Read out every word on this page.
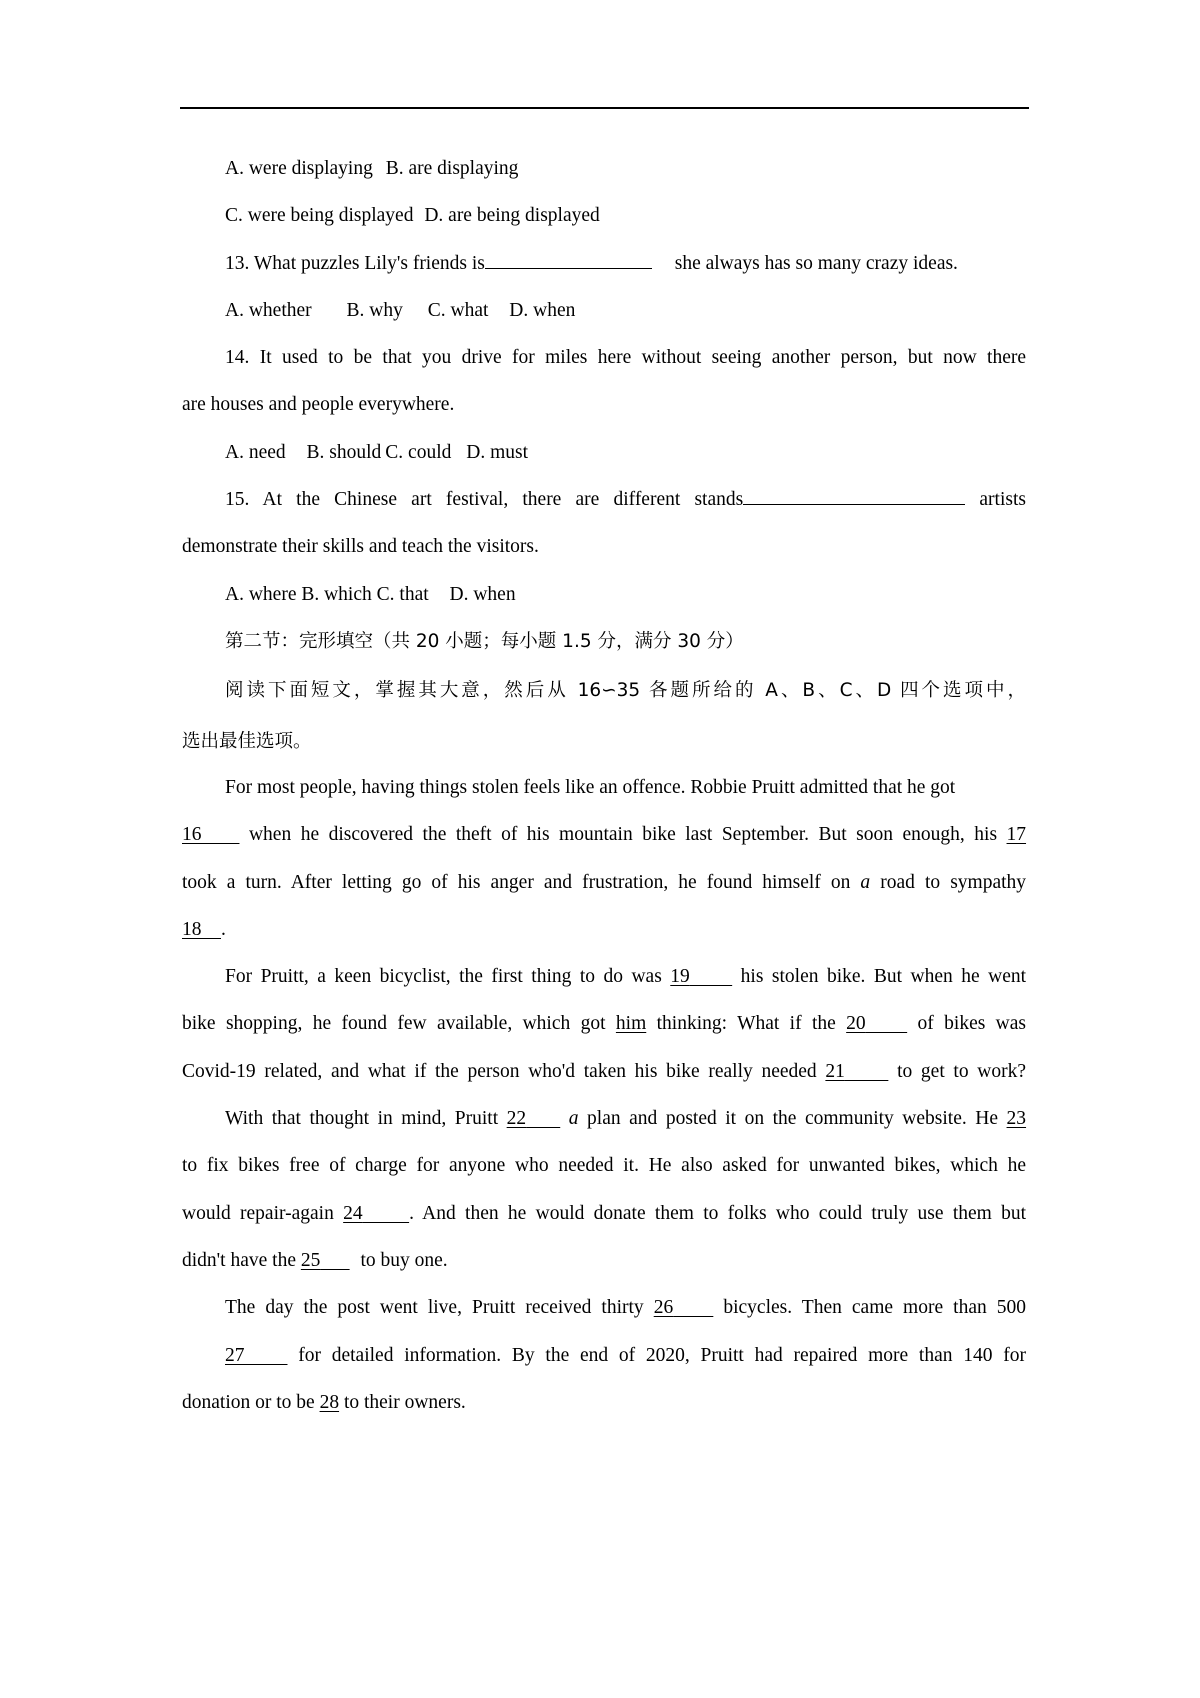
A. were displaying B. are displaying
C. were being displayed D. are being displayed
13. What puzzles Lily's friends is	she always has so many crazy ideas.
A. whether B. why C. what D. when
14. It used to be that you drive for miles here without seeing another person, but now there
are houses and people everywhere.
A. need B. should C. could D. must
15. At the Chinese art festival, there are different stands	artists
demonstrate their skills and teach the visitors.
A. where B. which C. that D. when
第二节：完形填空（共 20 小题；每小题 1.5 分，满分 30 分）
阅读下面短文，掌握其大意，然后从 16∽35 各题所给的 A、B、C、D 四个选项中，
选出最佳选项。
For most people, having things stolen feels like an offence. Robbie Pruitt admitted that he got
16 when he discovered the theft of his mountain bike last September. But soon enough, his 17
took a turn. After letting go of his anger and frustration, he found himself on a road to sympathy
18 .
For Pruitt, a keen bicyclist, the first thing to do was 19	his stolen bike. But when he went
bike shopping, he found few available, which got him thinking: What if the 20	of bikes was
Covid-19 related, and what if the person who'd taken his bike really needed 21	to get to work?
With that thought in mind, Pruitt 22 a plan and posted it on the community website. He 23
to fix bikes free of charge for anyone who needed it. He also asked for unwanted bikes, which he
would repair-again 24 . And then he would donate them to folks who could truly use them but
didn't have the 25 to buy one.
The day the post went live, Pruitt received thirty 26	bicycles. Then came more than 500
27	for detailed information. By the end of 2020, Pruitt had repaired more than 140 for
donation or to be 28 to their owners.
